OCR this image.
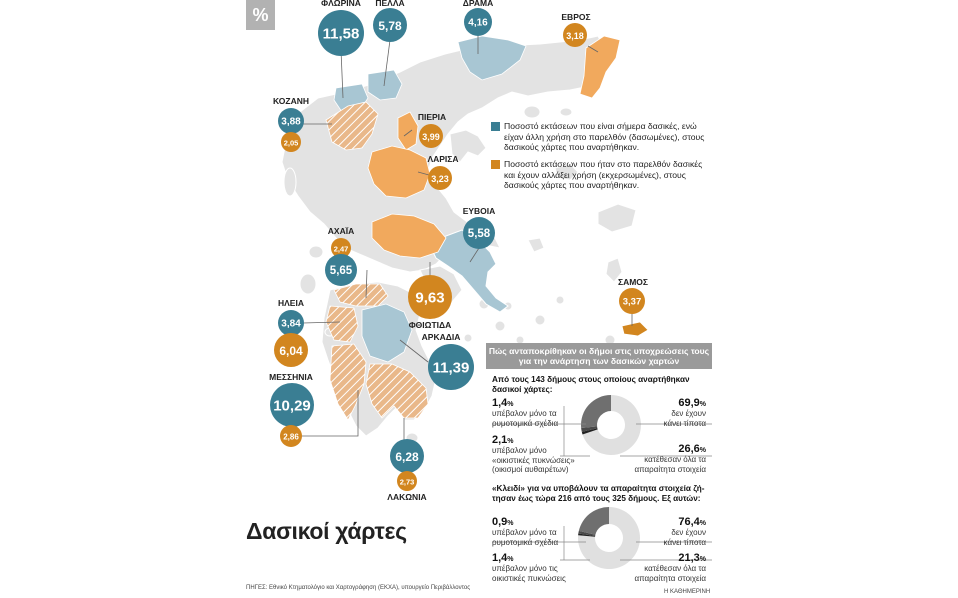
11,58
ΦΛΩΡΙΝΑ
5,78
ΠΕΛΛΑ
4,16
ΔΡΑΜΑ
3,18
ΕΒΡΟΣ
3,88
2,05
ΚΟΖΑΝΗ
3,99
ΠΙΕΡΙΑ
3,23
ΛΑΡΙΣΑ
5,58
ΕΥΒΟΙΑ
2,47
5,65
ΑΧΑΪΑ
9,63
ΦΘΙΩΤΙΔΑ
3,37
ΣΑΜΟΣ
3,84
6,04
ΗΛΕΙΑ
11,39
ΑΡΚΑΔΙΑ
10,29
2,86
ΜΕΣΣΗΝΙΑ
6,28
2,73
ΛΑΚΩΝΙΑ
%
Ποσοστό εκτάσεων που είναι σήμερα δασικές, ενώ είχαν άλλη χρήση στο παρελθόν (δασωμένες), στους δασικούς χάρτες που αναρτήθηκαν.
Ποσοστό εκτάσεων που ήταν στο παρελθόν δασικές και έχουν αλλάξει χρήση (εκχερσωμένες), στους δασικούς χάρτες που αναρτήθηκαν.
Πώς ανταποκρίθηκαν οι δήμοι στις υποχρεώσεις τους
για την ανάρτηση των δασικών χαρτών
Από τους 143 δήμους στους οποίους αναρτήθηκαν δασικοί χάρτες:
1,4%
υπέβαλον μόνο τα
ρυμοτομικά σχέδια
2,1%
υπέβαλον μόνο
«οικιστικές πυκνώσεις»
(οικισμοί αυθαιρέτων)
69,9%
δεν έχουν
κάνει τίποτα
26,6%
κατέθεσαν όλα τα
απαραίτητα στοιχεία
«Κλειδί» για να υποβάλουν τα απαραίτητα στοιχεία ζή-
τησαν έως τώρα 216 από τους 325 δήμους. Εξ αυτών:
0,9%
υπέβαλον μόνο τα
ρυμοτομικά σχέδια
1,4%
υπέβαλον μόνο τις
οικιστικές πυκνώσεις
76,4%
δεν έχουν
κάνει τίποτα
21,3%
κατέθεσαν όλα τα
απαραίτητα στοιχεία
Δασικοί χάρτες
ΠΗΓΕΣ: Εθνικό Κτηματολόγιο και Χαρτογράφηση (ΕΚΧΑ), υπουργείο Περιβάλλοντος
Η ΚΑΘΗΜΕΡΙΝΗ
